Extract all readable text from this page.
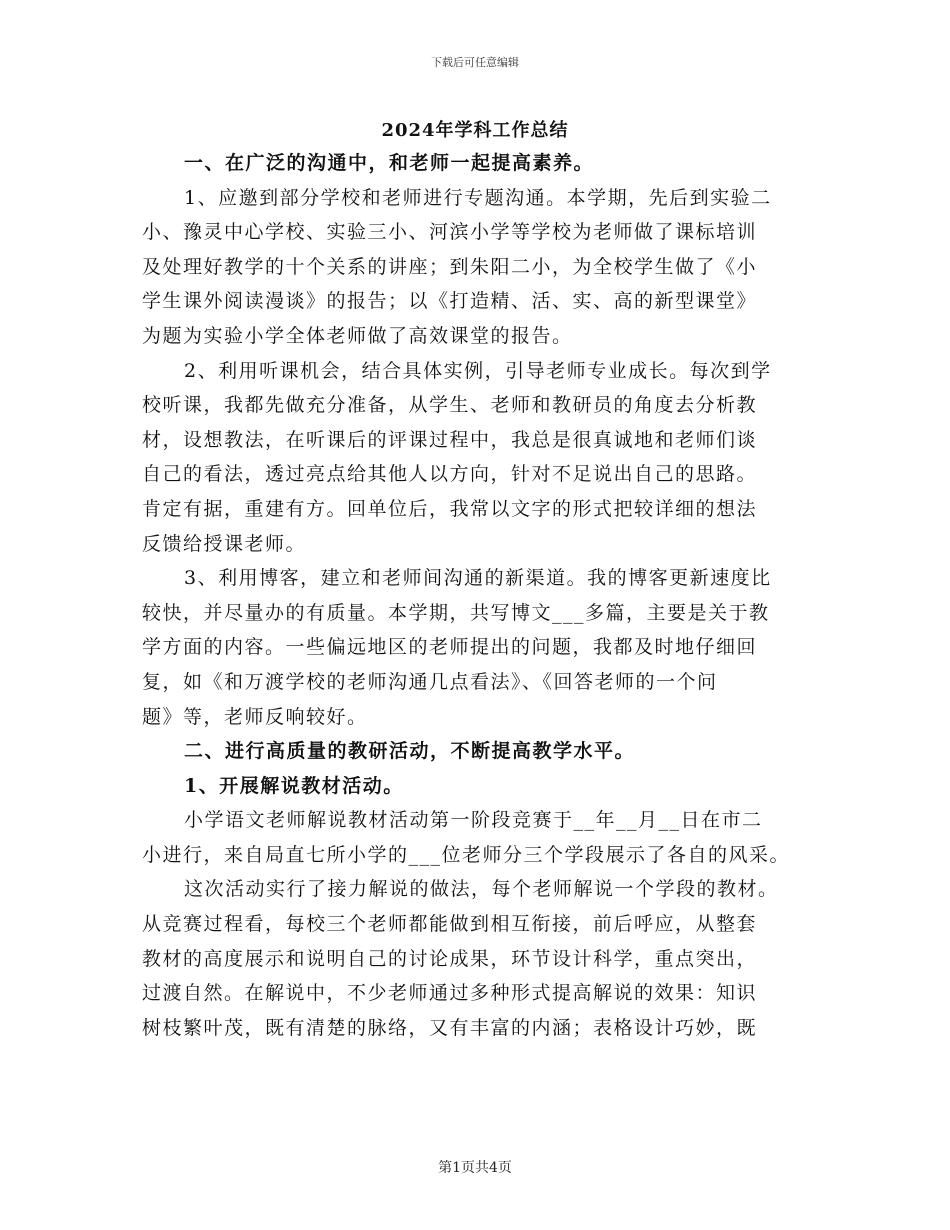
下载后可任意编辑
2024年学科工作总结
一、在广泛的沟通中，和老师一起提高素养。
1、应邀到部分学校和老师进行专题沟通。本学期，先后到实验二
小、豫灵中心学校、实验三小、河滨小学等学校为老师做了课标培训
及处理好教学的十个关系的讲座；到朱阳二小，为全校学生做了《小
学生课外阅读漫谈》的报告；以《打造精、活、实、高的新型课堂》
为题为实验小学全体老师做了高效课堂的报告。
2、利用听课机会，结合具体实例，引导老师专业成长。每次到学
校听课，我都先做充分准备，从学生、老师和教研员的角度去分析教
材，设想教法，在听课后的评课过程中，我总是很真诚地和老师们谈
自己的看法，透过亮点给其他人以方向，针对不足说出自己的思路。
肯定有据，重建有方。回单位后，我常以文字的形式把较详细的想法
反馈给授课老师。
3、利用博客，建立和老师间沟通的新渠道。我的博客更新速度比
较快，并尽量办的有质量。本学期，共写博文___多篇，主要是关于教
学方面的内容。一些偏远地区的老师提出的问题，我都及时地仔细回
复，如《和万渡学校的老师沟通几点看法》、《回答老师的一个问
题》等，老师反响较好。
二、进行高质量的教研活动，不断提高教学水平。
1、开展解说教材活动。
小学语文老师解说教材活动第一阶段竞赛于__年__月__日在市二
小进行，来自局直七所小学的___位老师分三个学段展示了各自的风采。
这次活动实行了接力解说的做法，每个老师解说一个学段的教材。
从竞赛过程看，每校三个老师都能做到相互衔接，前后呼应，从整套
教材的高度展示和说明自己的讨论成果，环节设计科学，重点突出，
过渡自然。在解说中，不少老师通过多种形式提高解说的效果：知识
树枝繁叶茂，既有清楚的脉络，又有丰富的内涵；表格设计巧妙，既
第1页共4页
